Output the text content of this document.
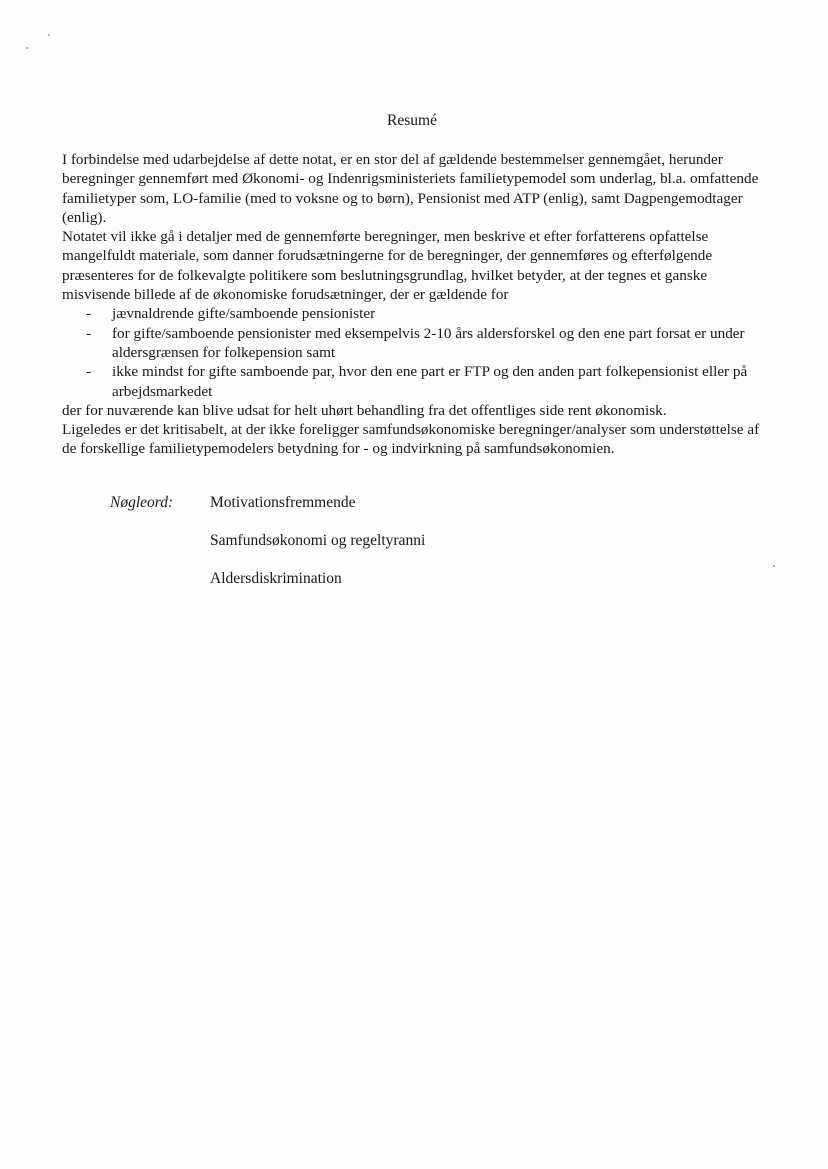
Resumé

I forbindelse med udarbejdelse af dette notat, er en stor del af gældende bestemmelser gennemgået, herunder beregninger gennemført med Økonomi- og Indenrigsministeriets familietypemodel som underlag, bl.a. omfattende familietyper som, LO-familie (med to voksne og to børn), Pensionist med ATP (enlig), samt Dagpengemodtager (enlig).

Notatet vil ikke gå i detaljer med de gennemførte beregninger, men beskrive et efter forfatterens opfattelse mangelfuldt materiale, som danner forudsætningerne for de beregninger, der gennemføres og efterfølgende præsenteres for de folkevalgte politikere som beslutningsgrundlag, hvilket betyder, at der tegnes et ganske misvisende billede af de økonomiske forudsætninger, der er gældende for

- jævnaldrende gifte/samboende pensionister
- for gifte/samboende pensionister med eksempelvis 2-10 års aldersforskel og den ene part forsat er under aldersgrænsen for folkepension samt
- ikke mindst for gifte samboende par, hvor den ene part er FTP og den anden part folkepensionist eller på arbejdsmarkedet

der for nuværende kan blive udsat for helt uhørt behandling fra det offentliges side rent økonomisk.

Ligeledes er det kritisabelt, at der ikke foreligger samfundsøkonomiske beregninger/analyser som understøttelse af de forskellige familietypemodelers betydning for - og indvirkning på samfundsøkonomien.

Nøgleord: Motivationsfremmende
Samfundsøkonomi og regeltyranni
Aldersdiskrimination
